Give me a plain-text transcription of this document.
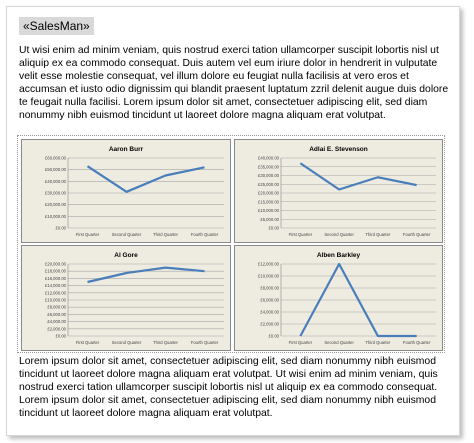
«SalesMan»

Ut wisi enim ad minim veniam, quis nostrud exerci tation ullamcorper suscipit lobortis nisl ut aliquip ex ea commodo consequat. Duis autem vel eum iriure dolor in hendrerit in vulputate velit esse molestie consequat, vel illum dolore eu feugiat nulla facilisis at vero eros et accumsan et iusto odio dignissim qui blandit praesent luptatum zzril delenit augue duis dolore te feugait nulla facilisi. Lorem ipsum dolor sit amet, consectetuer adipiscing elit, sed diam nonummy nibh euismod tincidunt ut laoreet dolore magna aliquam erat volutpat.

Aaron Burr
£0.00
£10,000.00
£20,000.00
£30,000.00
£40,000.00
£50,000.00
£60,000.00
First Quarter	Second Quarter	Third Quarter	Fourth Quarter
Adlai E. Stevenson
£0.00
£5,000.00
£10,000.00
£15,000.00
£20,000.00
£25,000.00
£30,000.00
£35,000.00
£40,000.00
First Quarter	Second Quarter	Third Quarter	Fourth Quarter
Al Gore
£0.00
£2,000.00
£4,000.00
£6,000.00
£8,000.00
£10,000.00
£12,000.00
£14,000.00
£16,000.00
£18,000.00
£20,000.00
First Quarter	Second Quarter	Third Quarter	Fourth Quarter
Alben Barkley
£0.00
£2,000.00
£4,000.00
£6,000.00
£8,000.00
£10,000.00
£12,000.00
First Quarter	Second Quarter	Third Quarter	Fourth Quarter

Lorem ipsum dolor sit amet, consectetuer adipiscing elit, sed diam nonummy nibh euismod tincidunt ut laoreet dolore magna aliquam erat volutpat. Ut wisi enim ad minim veniam, quis nostrud exerci tation ullamcorper suscipit lobortis nisl ut aliquip ex ea commodo consequat. Lorem ipsum dolor sit amet, consectetuer adipiscing elit, sed diam nonummy nibh euismod tincidunt ut laoreet dolore magna aliquam erat volutpat.
